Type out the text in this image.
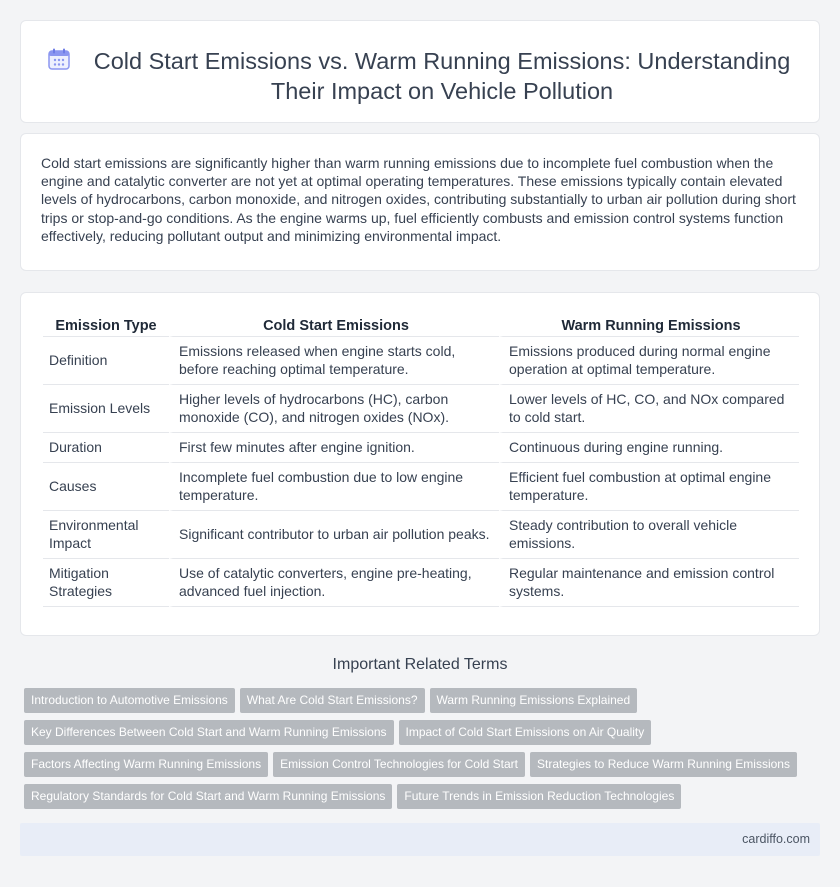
Cold Start Emissions vs. Warm Running Emissions: Understanding Their Impact on Vehicle Pollution

Cold start emissions are significantly higher than warm running emissions due to incomplete fuel combustion when the engine and catalytic converter are not yet at optimal operating temperatures. These emissions typically contain elevated levels of hydrocarbons, carbon monoxide, and nitrogen oxides, contributing substantially to urban air pollution during short trips or stop-and-go conditions. As the engine warms up, fuel efficiently combusts and emission control systems function effectively, reducing pollutant output and minimizing environmental impact.

Emission Type	Cold Start Emissions	Warm Running Emissions
Definition	Emissions released when engine starts cold, before reaching optimal temperature.	Emissions produced during normal engine operation at optimal temperature.
Emission Levels	Higher levels of hydrocarbons (HC), carbon monoxide (CO), and nitrogen oxides (NOx).	Lower levels of HC, CO, and NOx compared to cold start.
Duration	First few minutes after engine ignition.	Continuous during engine running.
Causes	Incomplete fuel combustion due to low engine temperature.	Efficient fuel combustion at optimal engine temperature.
Environmental Impact	Significant contributor to urban air pollution peaks.	Steady contribution to overall vehicle emissions.
Mitigation Strategies	Use of catalytic converters, engine pre-heating, advanced fuel injection.	Regular maintenance and emission control systems.
Important Related Terms
Introduction to Automotive Emissions What Are Cold Start Emissions? Warm Running Emissions Explained
Key Differences Between Cold Start and Warm Running Emissions Impact of Cold Start Emissions on Air Quality
Factors Affecting Warm Running Emissions Emission Control Technologies for Cold Start Strategies to Reduce Warm Running Emissions
Regulatory Standards for Cold Start and Warm Running Emissions Future Trends in Emission Reduction Technologies
cardiffo.com
